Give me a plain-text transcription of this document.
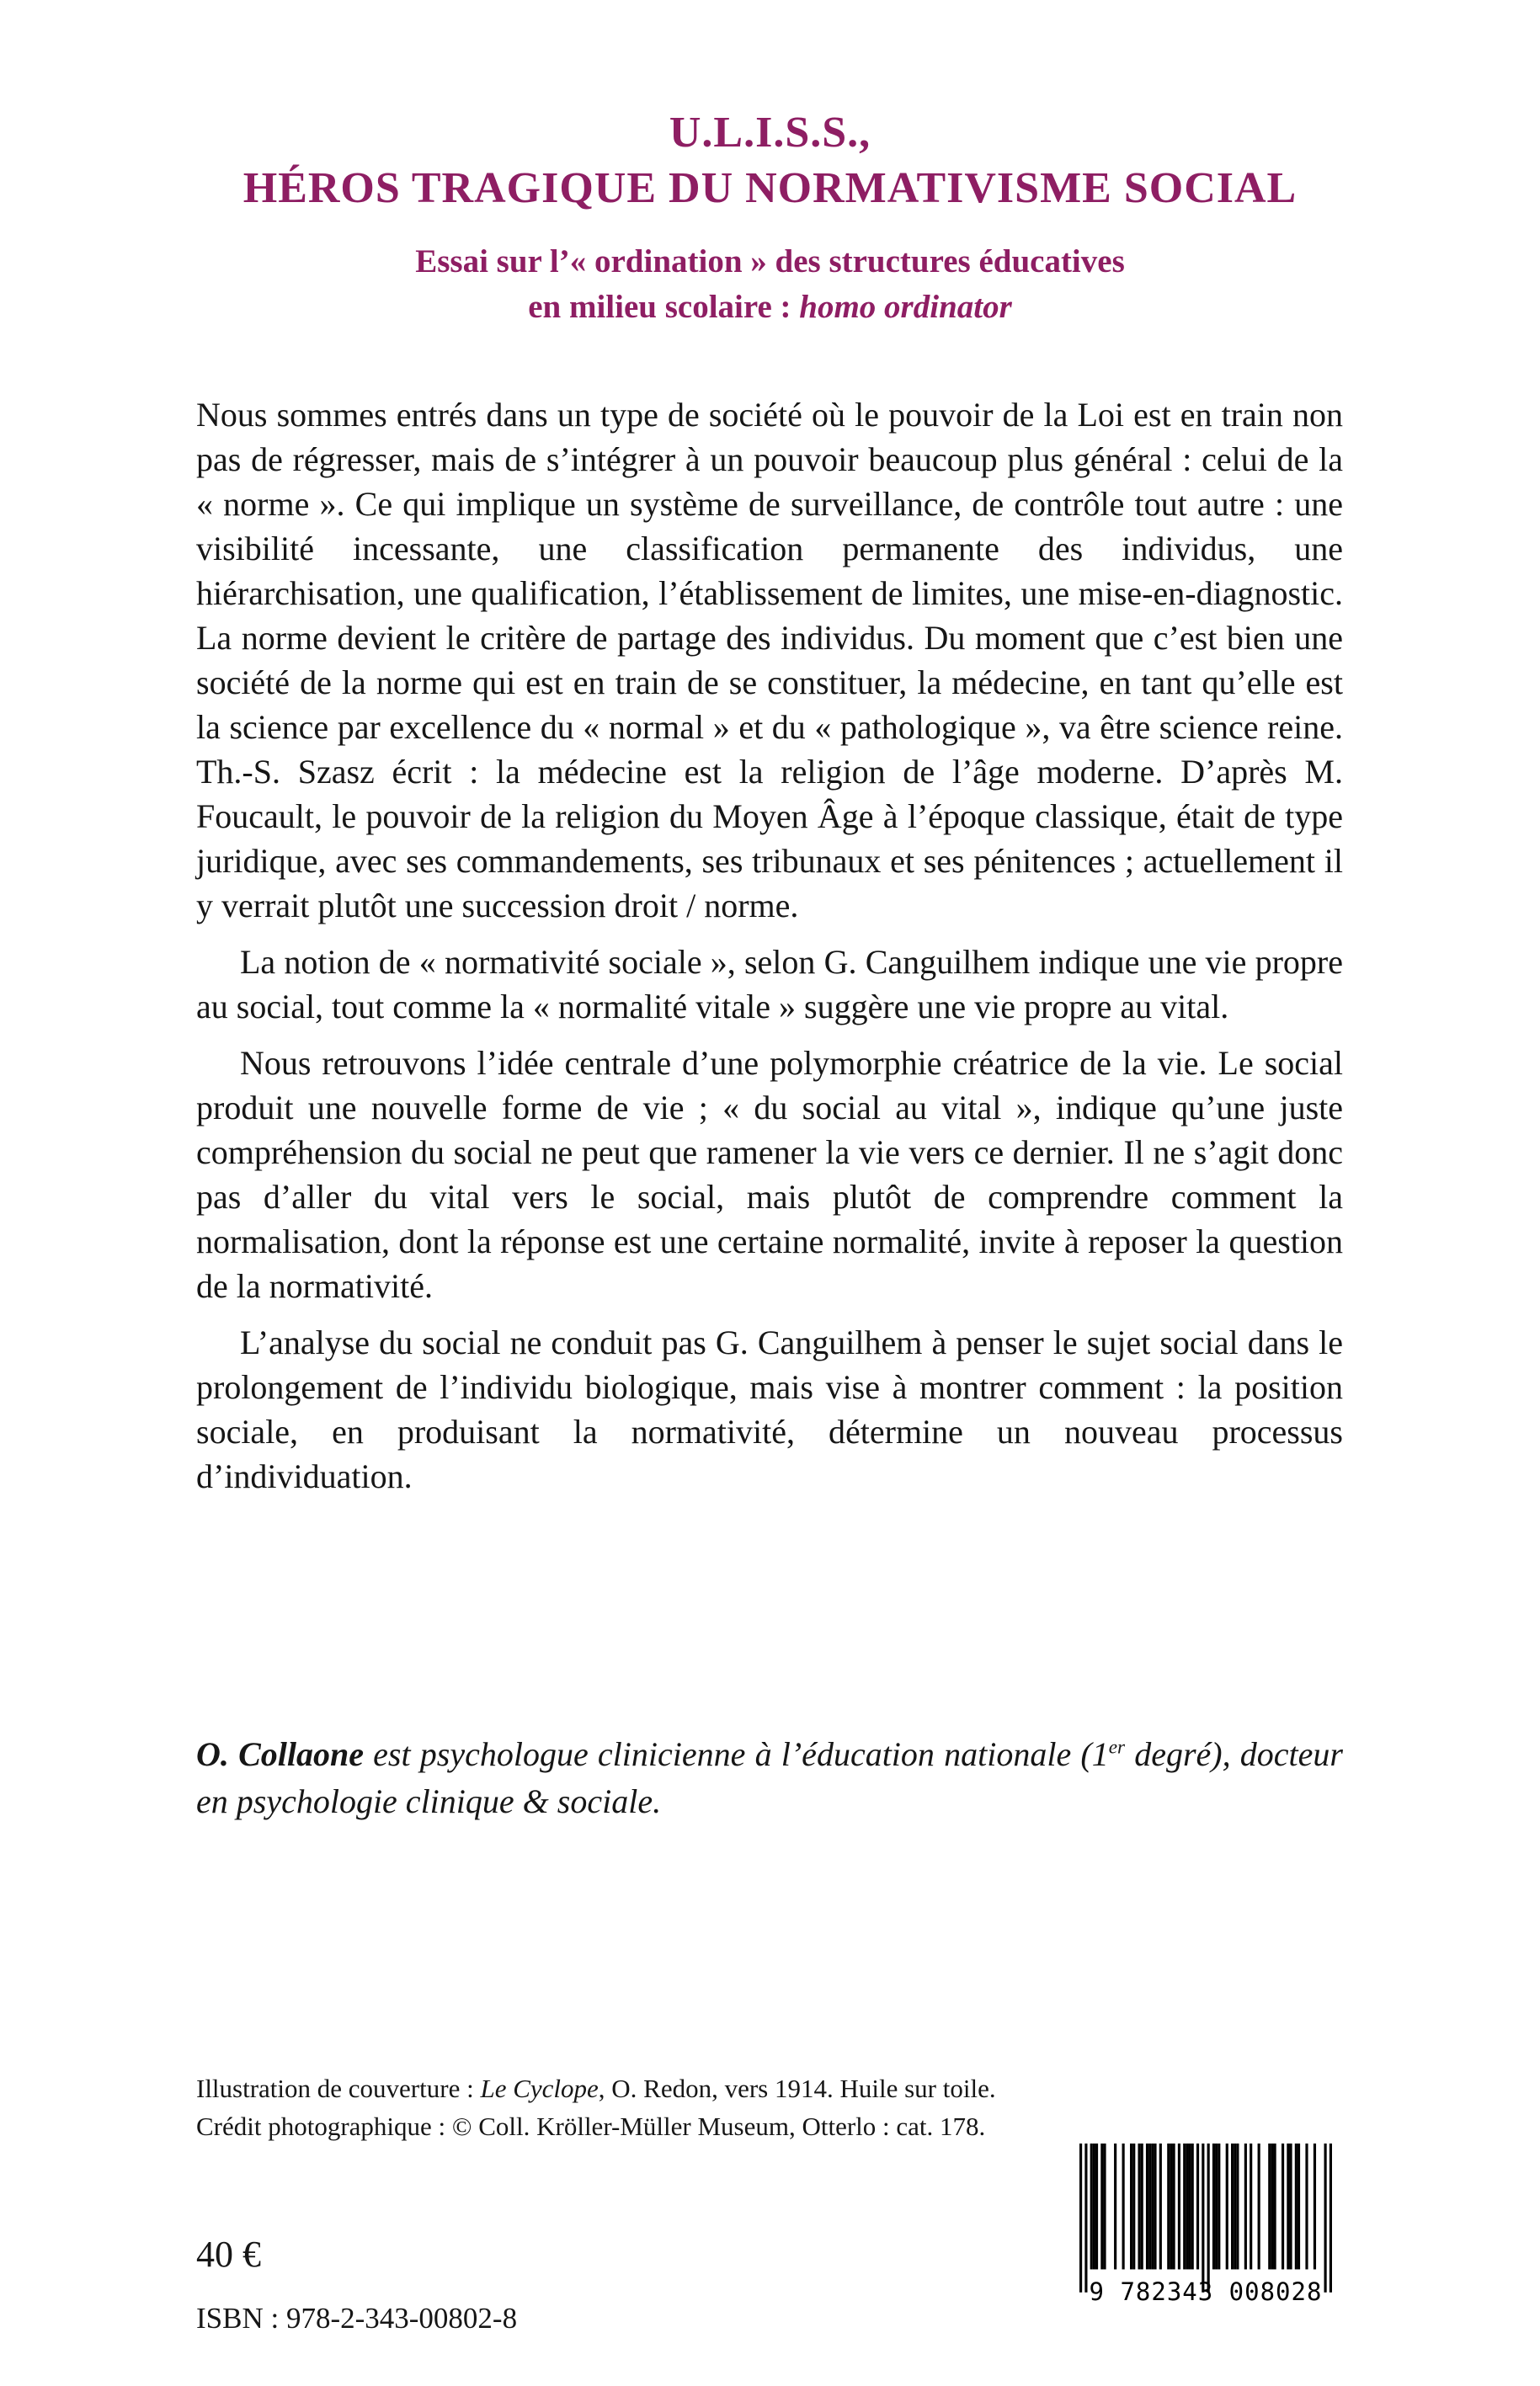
U.L.I.S.S.,
HÉROS TRAGIQUE DU NORMATIVISME SOCIAL
Essai sur l’« ordination » des structures éducatives
en milieu scolaire : homo ordinator

Nous sommes entrés dans un type de société où le pouvoir de la Loi est en train non pas de régresser, mais de s’intégrer à un pouvoir beaucoup plus général : celui de la « norme ». Ce qui implique un système de surveillance, de contrôle tout autre : une visibilité incessante, une classification permanente des individus, une hiérarchisation, une qualification, l’établissement de limites, une mise-en-diagnostic. La norme devient le critère de partage des individus. Du moment que c’est bien une société de la norme qui est en train de se constituer, la médecine, en tant qu’elle est la science par excellence du « normal » et du « pathologique », va être science reine. Th.-S. Szasz écrit : la médecine est la religion de l’âge moderne. D’après M. Foucault, le pouvoir de la religion du Moyen Âge à l’époque classique, était de type juridique, avec ses commandements, ses tribunaux et ses pénitences ; actuellement il y verrait plutôt une succession droit / norme.

La notion de « normativité sociale », selon G. Canguilhem indique une vie propre au social, tout comme la « normalité vitale » suggère une vie propre au vital.

Nous retrouvons l’idée centrale d’une polymorphie créatrice de la vie. Le social produit une nouvelle forme de vie ; « du social au vital », indique qu’une juste compréhension du social ne peut que ramener la vie vers ce dernier. Il ne s’agit donc pas d’aller du vital vers le social, mais plutôt de comprendre comment la normalisation, dont la réponse est une certaine normalité, invite à reposer la question de la normativité.

L’analyse du social ne conduit pas G. Canguilhem à penser le sujet social dans le prolongement de l’individu biologique, mais vise à montrer comment : la position sociale, en produisant la normativité, détermine un nouveau processus d’individuation.

O. Collaone est psychologue clinicienne à l’éducation nationale (1er degré), docteur en psychologie clinique & sociale.
Illustration de couverture : Le Cyclope, O. Redon, vers 1914. Huile sur toile.
Crédit photographique : © Coll. Kröller-Müller Museum, Otterlo : cat. 178.
40 €
ISBN : 978-2-343-00802-8
9 782343 008028
